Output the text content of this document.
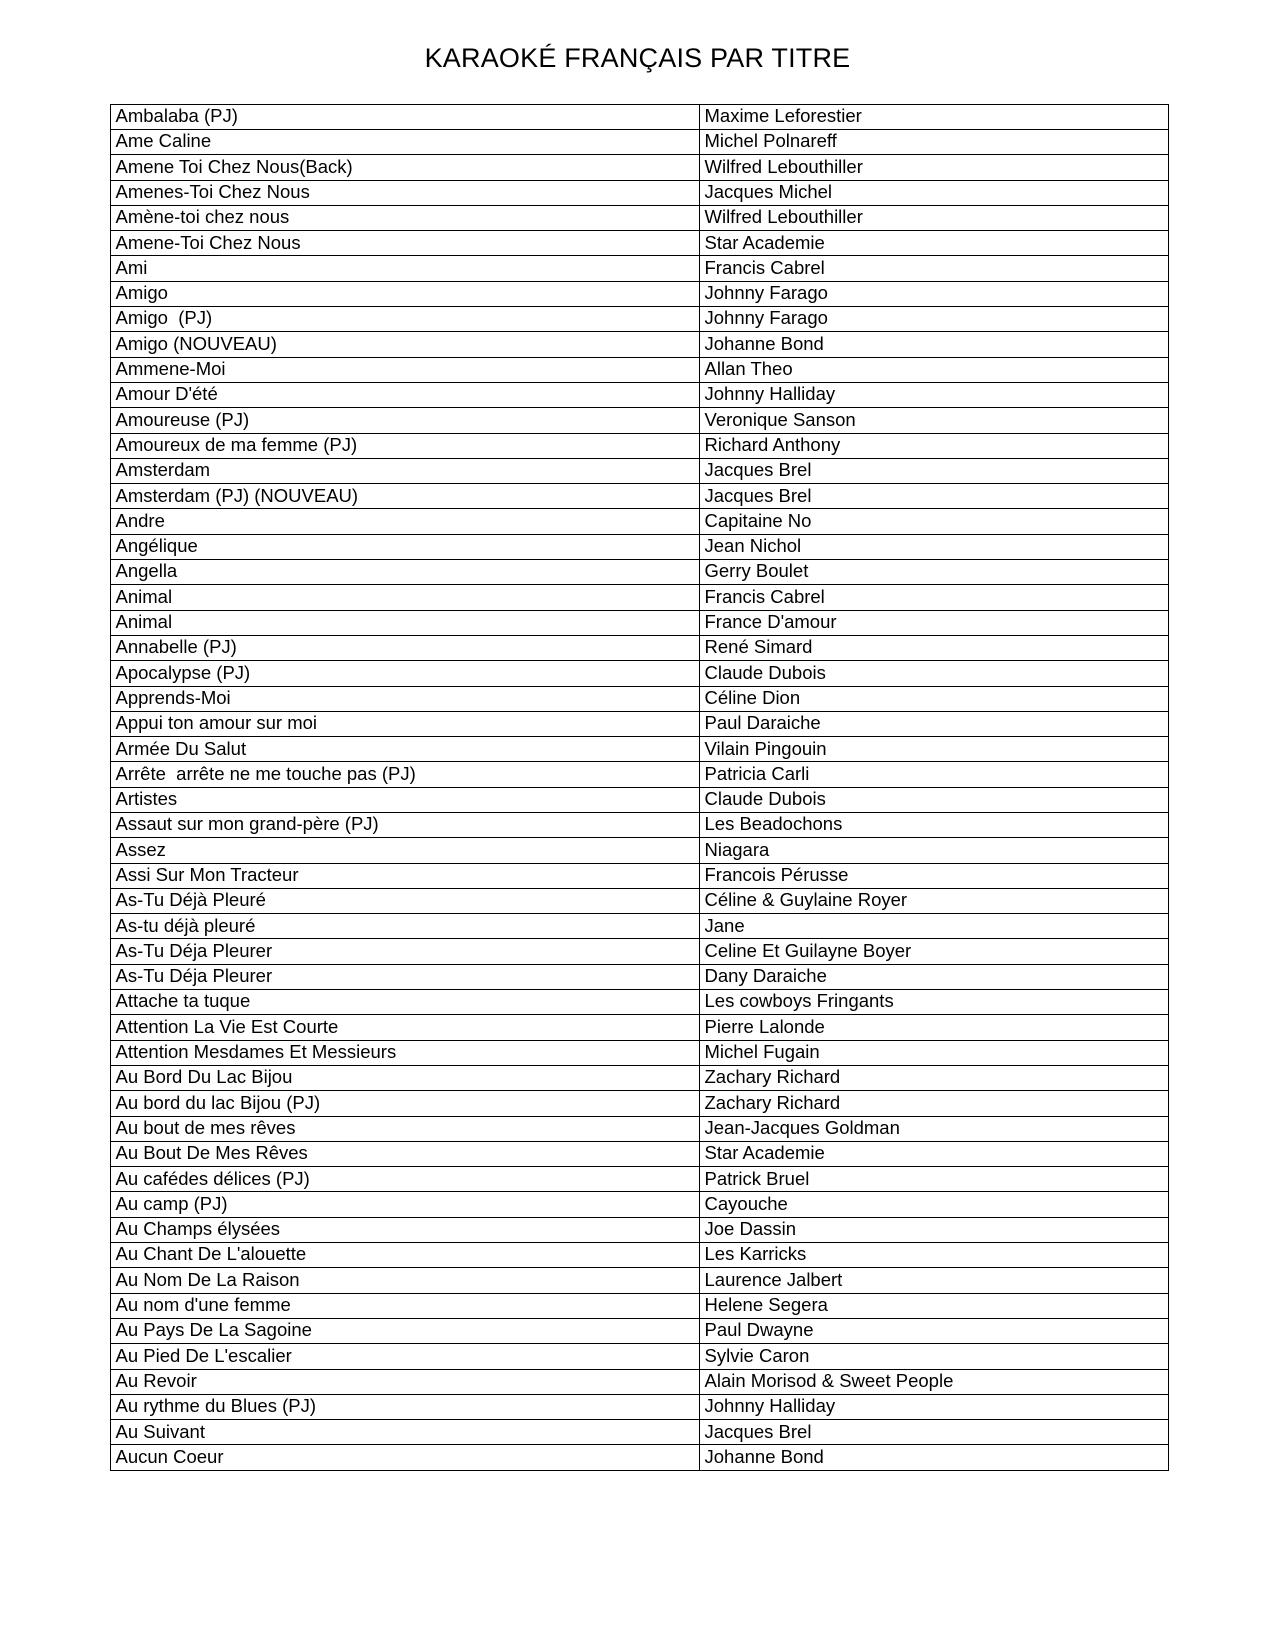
KARAOKÉ FRANÇAIS PAR TITRE
Ambalaba (PJ)	Maxime Leforestier
Ame Caline	Michel Polnareff
Amene Toi Chez Nous(Back)	Wilfred Lebouthiller
Amenes-Toi Chez Nous	Jacques Michel
Amène-toi chez nous	Wilfred Lebouthiller
Amene-Toi Chez Nous	Star Academie
Ami	Francis Cabrel
Amigo	Johnny Farago
Amigo  (PJ)	Johnny Farago
Amigo (NOUVEAU)	Johanne Bond
Ammene-Moi	Allan Theo
Amour D'été	Johnny Halliday
Amoureuse (PJ)	Veronique Sanson
Amoureux de ma femme (PJ)	Richard Anthony
Amsterdam	Jacques Brel
Amsterdam (PJ) (NOUVEAU)	Jacques Brel
Andre	Capitaine No
Angélique	Jean Nichol
Angella	Gerry Boulet
Animal	Francis Cabrel
Animal	France D'amour
Annabelle (PJ)	René Simard
Apocalypse (PJ)	Claude Dubois
Apprends-Moi	Céline Dion
Appui ton amour sur moi	Paul Daraiche
Armée Du Salut	Vilain Pingouin
Arrête  arrête ne me touche pas (PJ)	Patricia Carli
Artistes	Claude Dubois
Assaut sur mon grand-père (PJ)	Les Beadochons
Assez	Niagara
Assi Sur Mon Tracteur	Francois Pérusse
As-Tu Déjà Pleuré	Céline & Guylaine Royer
As-tu déjà pleuré	Jane
As-Tu Déja Pleurer	Celine Et Guilayne Boyer
As-Tu Déja Pleurer	Dany Daraiche
Attache ta tuque	Les cowboys Fringants
Attention La Vie Est Courte	Pierre Lalonde
Attention Mesdames Et Messieurs	Michel Fugain
Au Bord Du Lac Bijou	Zachary Richard
Au bord du lac Bijou (PJ)	Zachary Richard
Au bout de mes rêves	Jean-Jacques Goldman
Au Bout De Mes Rêves	Star Academie
Au cafédes délices (PJ)	Patrick Bruel
Au camp (PJ)	Cayouche
Au Champs élysées	Joe Dassin
Au Chant De L'alouette	Les Karricks
Au Nom De La Raison	Laurence Jalbert
Au nom d'une femme	Helene Segera
Au Pays De La Sagoine	Paul Dwayne
Au Pied De L'escalier	Sylvie Caron
Au Revoir	Alain Morisod & Sweet People
Au rythme du Blues (PJ)	Johnny Halliday
Au Suivant	Jacques Brel
Aucun Coeur	Johanne Bond
